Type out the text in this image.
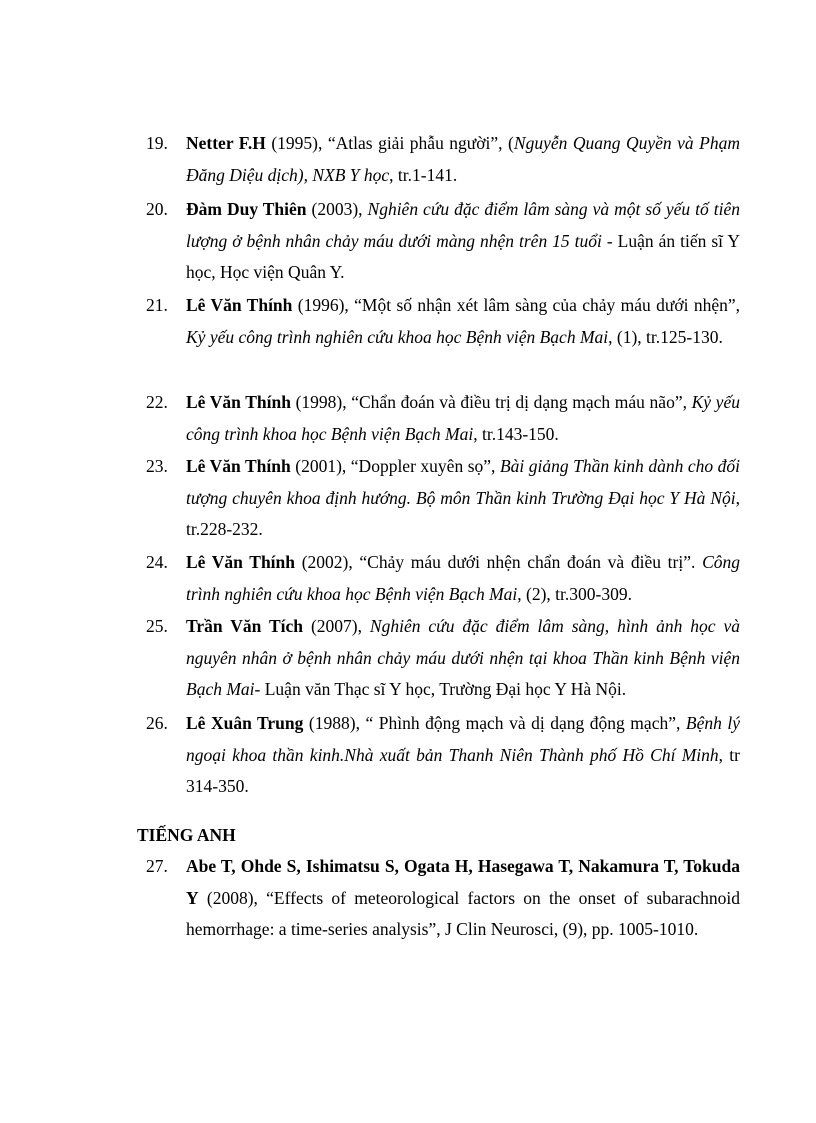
19.	Netter F.H (1995), “Atlas giải phẫu người”, (Nguyễn Quang Quyền và Phạm Đăng Diệu dịch), NXB Y học, tr.1-141.
20.	Đàm Duy Thiên (2003), Nghiên cứu đặc điểm lâm sàng và một số yếu tố tiên lượng ở bệnh nhân chảy máu dưới màng nhện trên 15 tuổi - Luận án tiến sĩ Y học, Học viện Quân Y.
21.	Lê Văn Thính (1996), “Một số nhận xét lâm sàng của chảy máu dưới nhện”, Kỷ yếu công trình nghiên cứu khoa học Bệnh viện Bạch Mai, (1), tr.125-130.
22.	Lê Văn Thính (1998), “Chẩn đoán và điều trị dị dạng mạch máu não”, Kỷ yếu công trình khoa học Bệnh viện Bạch Mai, tr.143-150.
23.	Lê Văn Thính (2001), “Doppler xuyên sọ”, Bài giảng Thần kinh dành cho đối tượng chuyên khoa định hướng. Bộ môn Thần kinh Trường Đại học Y Hà Nội, tr.228-232.
24.	Lê Văn Thính (2002), “Chảy máu dưới nhện chẩn đoán và điều trị”. Công trình nghiên cứu khoa học Bệnh viện Bạch Mai, (2), tr.300-309.
25.	Trần Văn Tích (2007), Nghiên cứu đặc điểm lâm sàng, hình ảnh học và nguyên nhân ở bệnh nhân chảy máu dưới nhện tại khoa Thần kinh Bệnh viện Bạch Mai- Luận văn Thạc sĩ Y học, Trường Đại học Y Hà Nội.
26.	Lê Xuân Trung (1988), “ Phình động mạch và dị dạng động mạch”, Bệnh lý ngoại khoa thần kinh.Nhà xuất bản Thanh Niên Thành phố Hồ Chí Minh, tr 314-350.
TIẾNG ANH
27.	Abe T, Ohde S, Ishimatsu S, Ogata H, Hasegawa T, Nakamura T, Tokuda Y (2008), “Effects of meteorological factors on the onset of subarachnoid hemorrhage: a time-series analysis”, J Clin Neurosci, (9), pp. 1005-1010.
